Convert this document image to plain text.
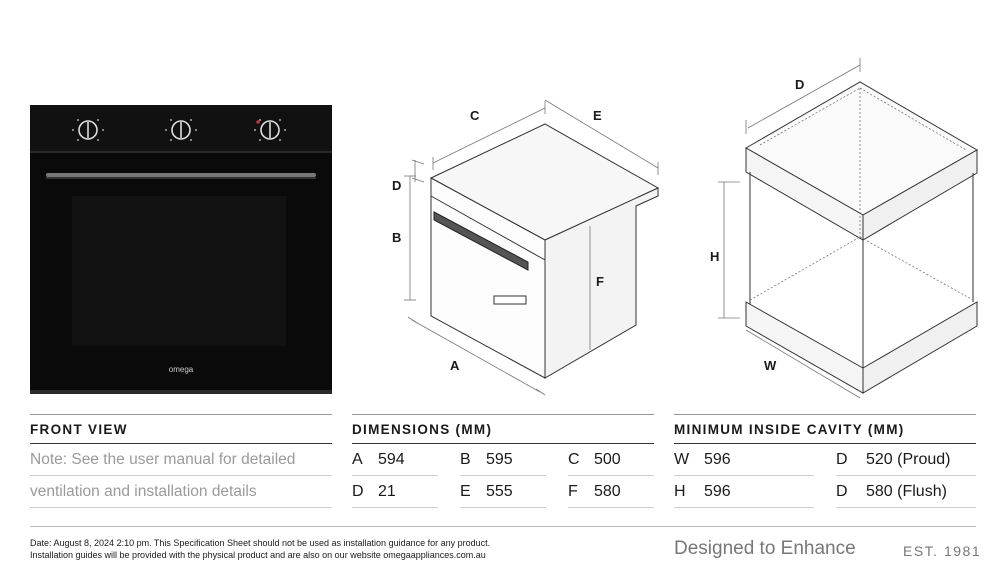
omega
C	E
D
B
F
A
D
H
W
FRONT VIEW
Note: See the user manual for detailed
ventilation and installation details
DIMENSIONS (MM)
A 594	B 595	C 500
D 21	E 555	F 580
MINIMUM INSIDE CAVITY (MM)
W 596	D 520 (Proud)
H 596	D 580 (Flush)
Date: August 8, 2024 2:10 pm. This Specification Sheet should not be used as installation guidance for any product.
Installation guides will be provided with the physical product and are also on our website omegaappliances.com.au	Designed to Enhance	EST. 1981
